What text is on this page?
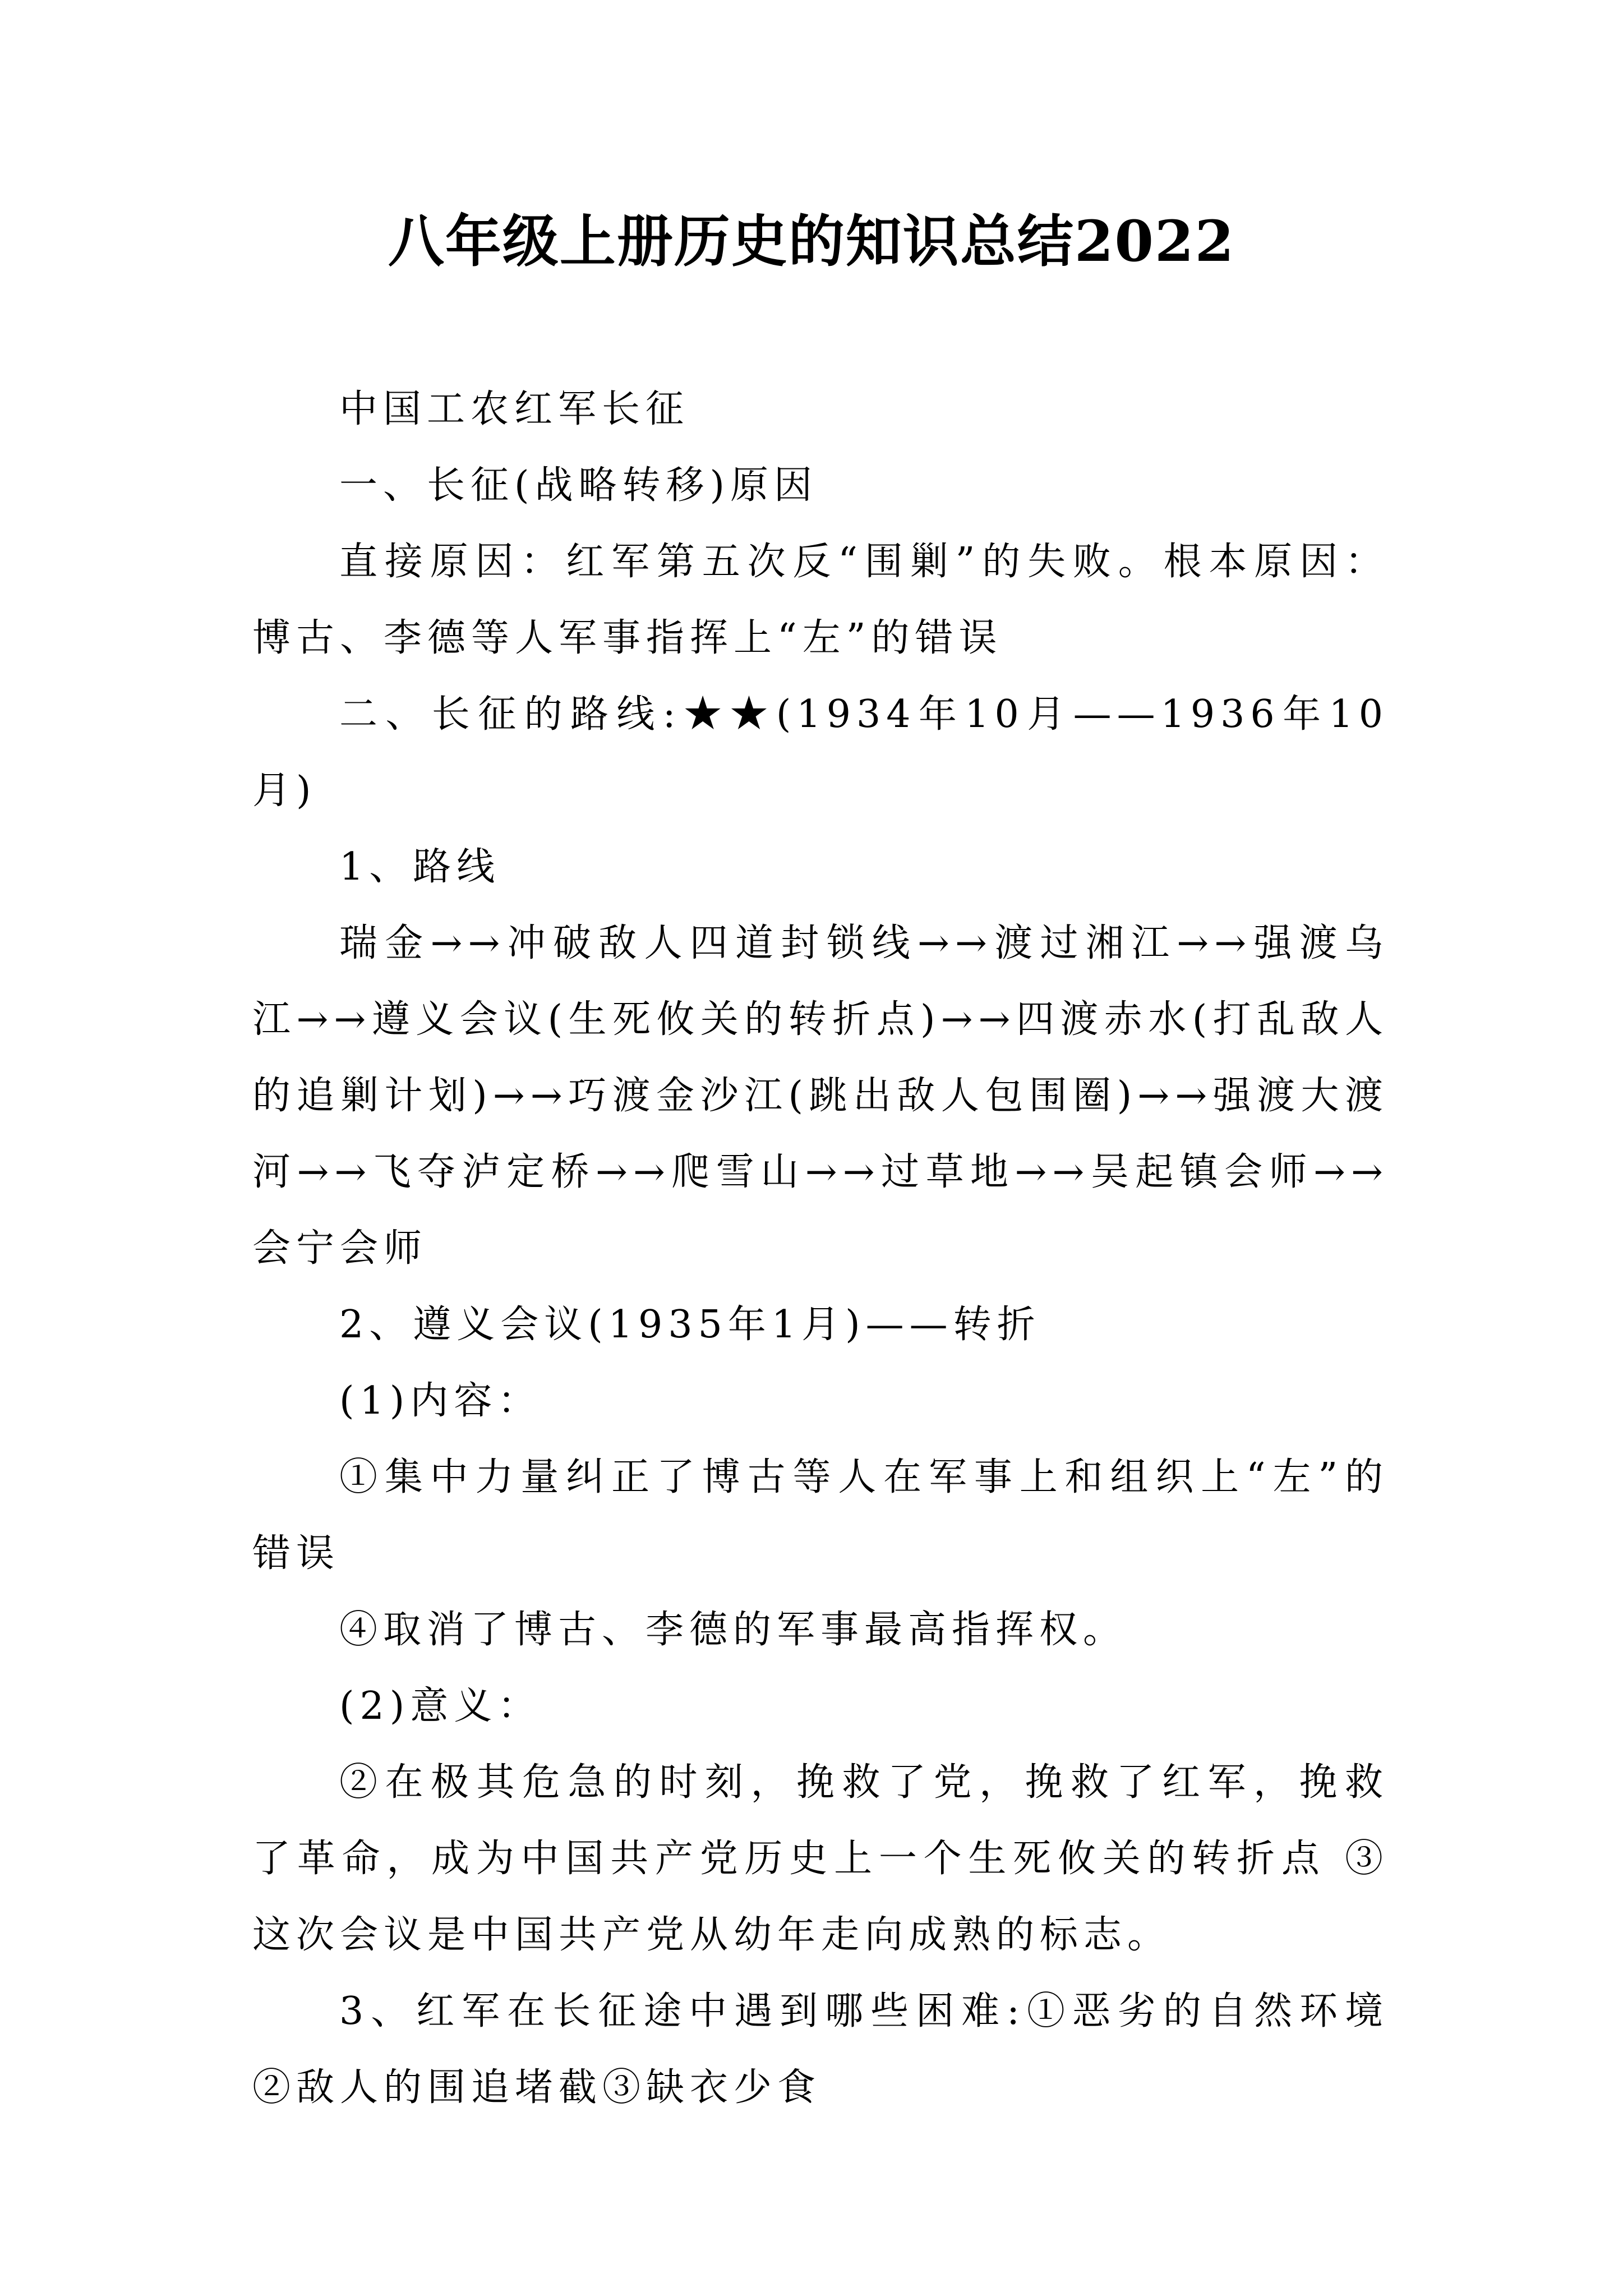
八年级上册历史的知识总结2022

中国工农红军长征

一、长征(战略转移)原因

直接原因：红军第五次反“围剿”的失败。根本原因：博古、李德等人军事指挥上“左”的错误

二、长征的路线:★★(1934年10月——1936年10月)

1、路线

瑞金→→冲破敌人四道封锁线→→渡过湘江→→强渡乌江→→遵义会议(生死攸关的转折点)→→四渡赤水(打乱敌人的追剿计划)→→巧渡金沙江(跳出敌人包围圈)→→强渡大渡河→→飞夺泸定桥→→爬雪山→→过草地→→吴起镇会师→→会宁会师

2、遵义会议(1935年1月)——转折

(1)内容：

①集中力量纠正了博古等人在军事上和组织上“左”的错误

④取消了博古、李德的军事最高指挥权。

(2)意义：

②在极其危急的时刻，挽救了党，挽救了红军，挽救了革命，成为中国共产党历史上一个生死攸关的转折点 ③这次会议是中国共产党从幼年走向成熟的标志。

3、红军在长征途中遇到哪些困难:①恶劣的自然环境②敌人的围追堵截③缺衣少食
